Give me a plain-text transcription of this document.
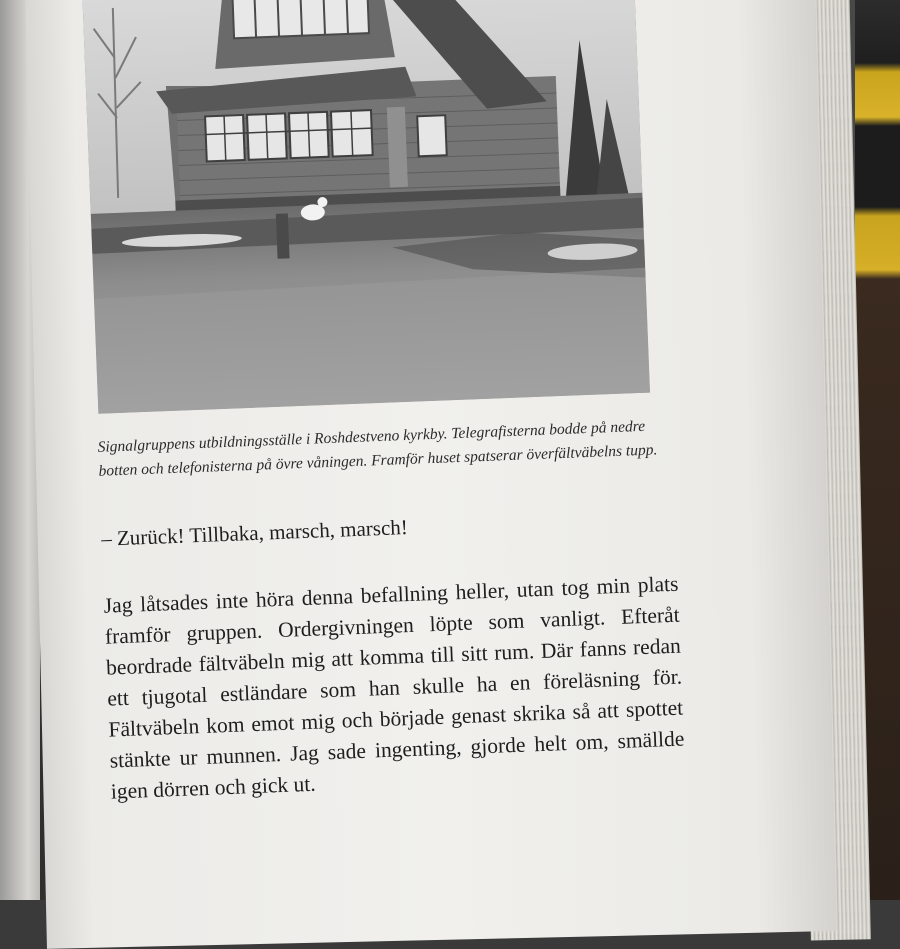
Signalgruppens utbildningsställe i Roshdestveno kyrkby. Telegrafisterna bodde på nedre botten och telefonisterna på övre våningen. Framför huset spatserar överfältväbelns tupp.

– Zurück! Tillbaka, marsch, marsch!

Jag låtsades inte höra denna befallning heller, utan tog min plats framför gruppen. Ordergivningen löpte som vanligt. Efteråt beordrade fältväbeln mig att komma till sitt rum. Där fanns redan ett tjugotal estländare som han skulle ha en föreläsning för. Fältväbeln kom emot mig och började genast skrika så att spottet stänkte ur munnen. Jag sade ingenting, gjorde helt om, smällde igen dörren och gick ut.
